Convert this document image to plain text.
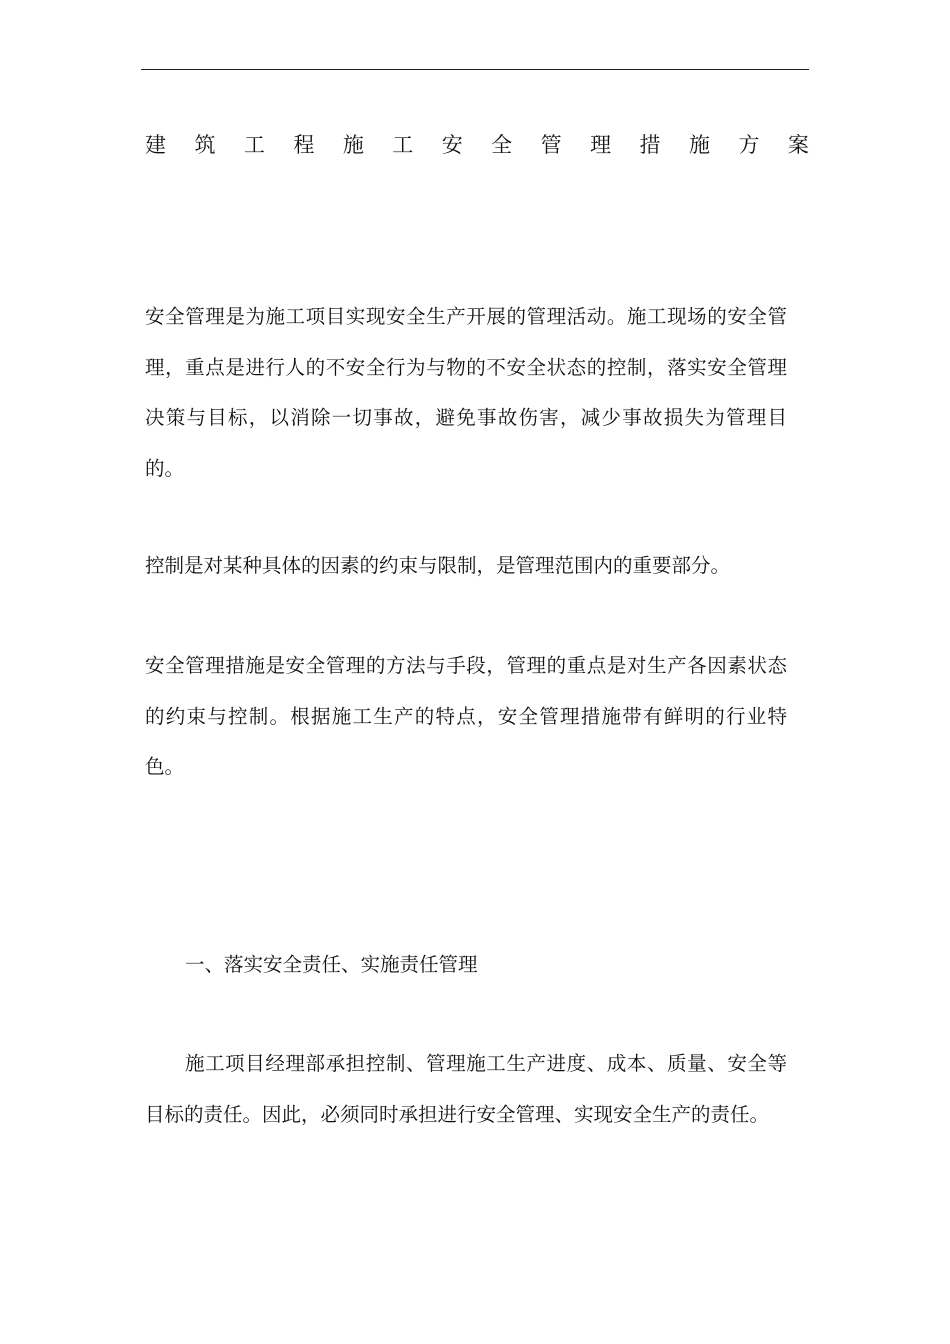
建 筑 工 程 施 工 安 全 管 理 措 施 方 案

安全管理是为施工项目实现安全生产开展的管理活动。施工现场的安全管理，重点是进行人的不安全行为与物的不安全状态的控制，落实安全管理决策与目标，以消除一切事故，避免事故伤害，减少事故损失为管理目的。

控制是对某种具体的因素的约束与限制，是管理范围内的重要部分。

安全管理措施是安全管理的方法与手段，管理的重点是对生产各因素状态的约束与控制。根据施工生产的特点，安全管理措施带有鲜明的行业特色。

一、落实安全责任、实施责任管理

施工项目经理部承担控制、管理施工生产进度、成本、质量、安全等目标的责任。因此，必须同时承担进行安全管理、实现安全生产的责任。
